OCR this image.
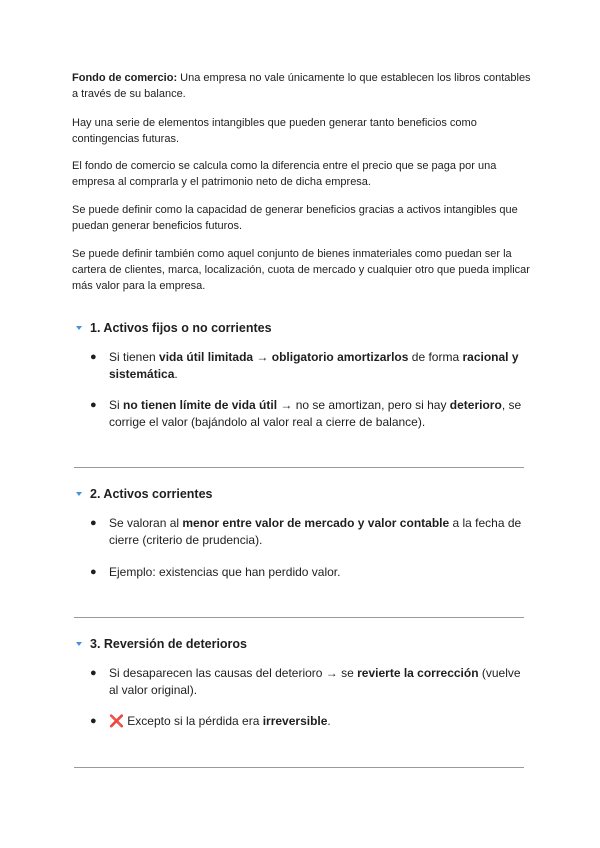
Fondo de comercio: Una empresa no vale únicamente lo que establecen los libros contables a través de su balance.

Hay una serie de elementos intangibles que pueden generar tanto beneficios como contingencias futuras.

El fondo de comercio se calcula como la diferencia entre el precio que se paga por una empresa al comprarla y el patrimonio neto de dicha empresa.

Se puede definir como la capacidad de generar beneficios gracias a activos intangibles que puedan generar beneficios futuros.

Se puede definir también como aquel conjunto de bienes inmateriales como puedan ser la cartera de clientes, marca, localización, cuota de mercado y cualquier otro que pueda implicar más valor para la empresa.

1. Activos fijos o no corrientes
●	Si tienen vida útil limitada → obligatorio amortizarlos de forma racional y sistemática.
●	Si no tienen límite de vida útil → no se amortizan, pero si hay deterioro, se corrige el valor (bajándolo al valor real a cierre de balance).
2. Activos corrientes
●	Se valoran al menor entre valor de mercado y valor contable a la fecha de cierre (criterio de prudencia).
●	Ejemplo: existencias que han perdido valor.
3. Reversión de deterioros
●	Si desaparecen las causas del deterioro → se revierte la corrección (vuelve al valor original).
●	❌ Excepto si la pérdida era irreversible.
